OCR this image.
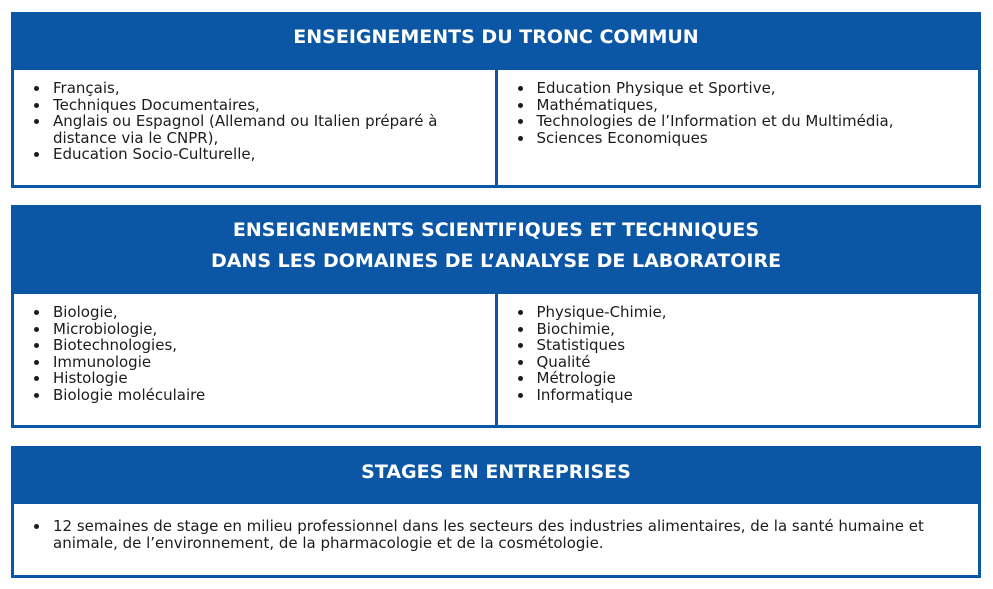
ENSEIGNEMENTS DU TRONC COMMUN
Français,
Techniques Documentaires,
Anglais ou Espagnol (Allemand ou Italien préparé à distance via le CNPR),
Education Socio-Culturelle,
Education Physique et Sportive,
Mathématiques,
Technologies de l’Information et du Multimédia,
Sciences Economiques
ENSEIGNEMENTS SCIENTIFIQUES ET TECHNIQUES
DANS LES DOMAINES DE L’ANALYSE DE LABORATOIRE
Biologie,
Microbiologie,
Biotechnologies,
Immunologie
Histologie
Biologie moléculaire
Physique-Chimie,
Biochimie,
Statistiques
Qualité
Métrologie
Informatique
STAGES EN ENTREPRISES
12 semaines de stage en milieu professionnel dans les secteurs des industries alimentaires, de la santé humaine et animale, de l’environnement, de la pharmacologie et de la cosmétologie.
